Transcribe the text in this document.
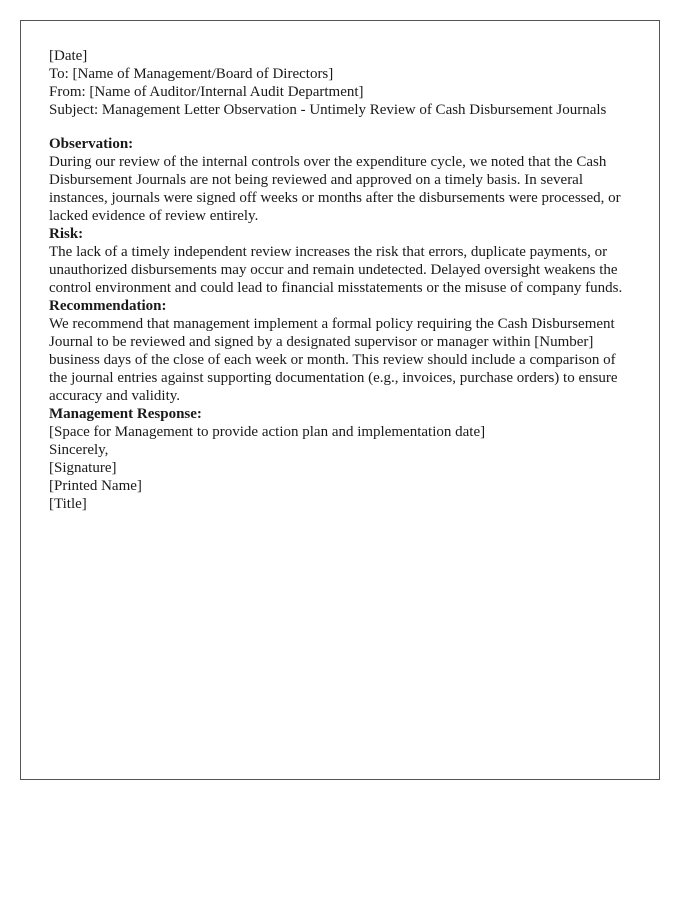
[Date]

To: [Name of Management/Board of Directors]
From: [Name of Auditor/Internal Audit Department]
Subject: Management Letter Observation - Untimely Review of Cash Disbursement Journals

Observation:

During our review of the internal controls over the expenditure cycle, we noted that the Cash Disbursement Journals are not being reviewed and approved on a timely basis. In several instances, journals were signed off weeks or months after the disbursements were processed, or lacked evidence of review entirely.

Risk:

The lack of a timely independent review increases the risk that errors, duplicate payments, or unauthorized disbursements may occur and remain undetected. Delayed oversight weakens the control environment and could lead to financial misstatements or the misuse of company funds.

Recommendation:

We recommend that management implement a formal policy requiring the Cash Disbursement Journal to be reviewed and signed by a designated supervisor or manager within [Number] business days of the close of each week or month. This review should include a comparison of the journal entries against supporting documentation (e.g., invoices, purchase orders) to ensure accuracy and validity.

Management Response:

[Space for Management to provide action plan and implementation date]

Sincerely,

[Signature]

[Printed Name]
[Title]
